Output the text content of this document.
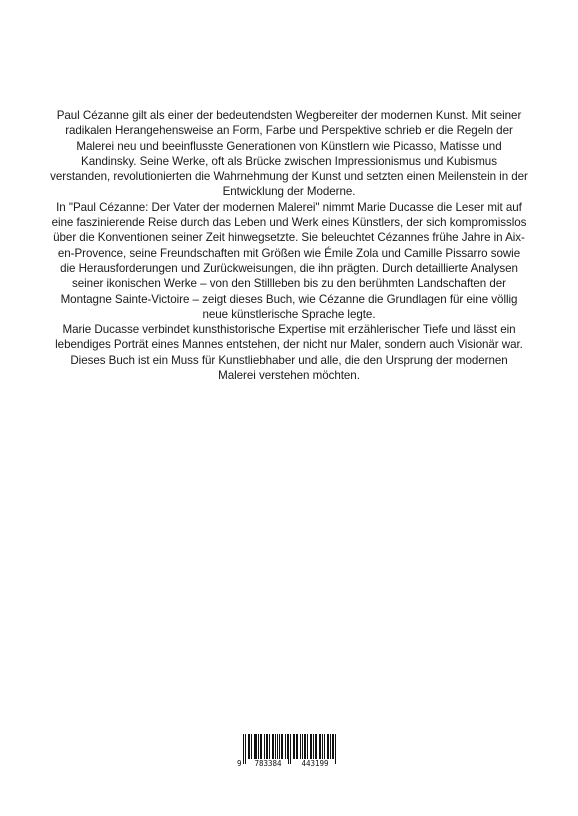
Paul Cézanne gilt als einer der bedeutendsten Wegbereiter der modernen Kunst. Mit seiner radikalen Herangehensweise an Form, Farbe und Perspektive schrieb er die Regeln der Malerei neu und beeinflusste Generationen von Künstlern wie Picasso, Matisse und Kandinsky. Seine Werke, oft als Brücke zwischen Impressionismus und Kubismus verstanden, revolutionierten die Wahrnehmung der Kunst und setzten einen Meilenstein in der Entwicklung der Moderne.

In "Paul Cézanne: Der Vater der modernen Malerei" nimmt Marie Ducasse die Leser mit auf eine faszinierende Reise durch das Leben und Werk eines Künstlers, der sich kompromisslos über die Konventionen seiner Zeit hinwegsetzte. Sie beleuchtet Cézannes frühe Jahre in Aix-en-Provence, seine Freundschaften mit Größen wie Émile Zola und Camille Pissarro sowie die Herausforderungen und Zurückweisungen, die ihn prägten. Durch detaillierte Analysen seiner ikonischen Werke – von den Stillleben bis zu den berühmten Landschaften der Montagne Sainte-Victoire – zeigt dieses Buch, wie Cézanne die Grundlagen für eine völlig neue künstlerische Sprache legte.

Marie Ducasse verbindet kunsthistorische Expertise mit erzählerischer Tiefe und lässt ein lebendiges Porträt eines Mannes entstehen, der nicht nur Maler, sondern auch Visionär war. Dieses Buch ist ein Muss für Kunstliebhaber und alle, die den Ursprung der modernen Malerei verstehen möchten.

9	783384	443199
